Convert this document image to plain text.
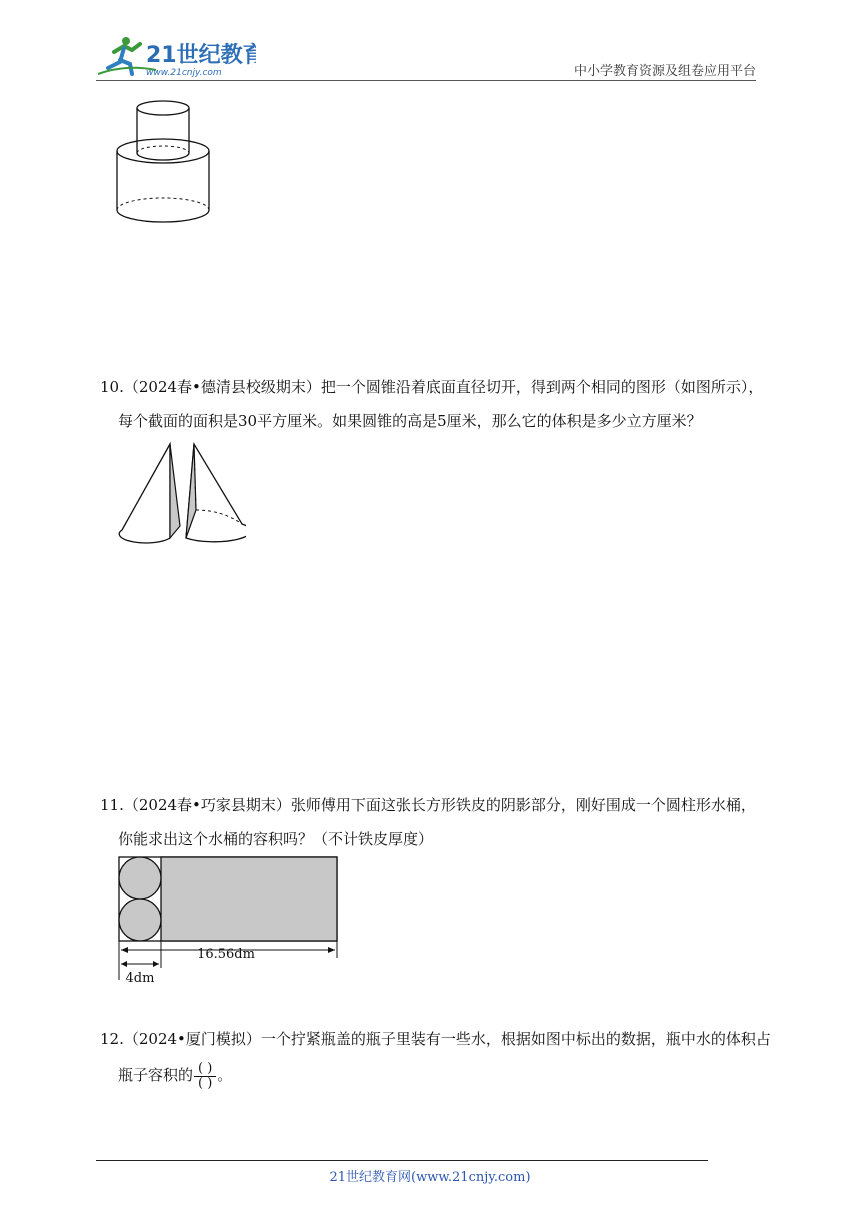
21世纪教育
www.21cnjy.com	中小学教育资源及组卷应用平台
10.（2024春•德清县校级期末）把一个圆锥沿着底面直径切开，得到两个相同的图形（如图所示），
每个截面的面积是30平方厘米。如果圆锥的高是5厘米，那么它的体积是多少立方厘米？
11.（2024春•巧家县期末）张师傅用下面这张长方形铁皮的阴影部分，刚好围成一个圆柱形水桶，
你能求出这个水桶的容积吗？（不计铁皮厚度）
16.56dm
4dm
12.（2024•厦门模拟）一个拧紧瓶盖的瓶子里装有一些水，根据如图中标出的数据，瓶中水的体积占
瓶子容积的 $\frac{( )}{( )}$ 。
21世纪教育网(www.21cnjy.com)
